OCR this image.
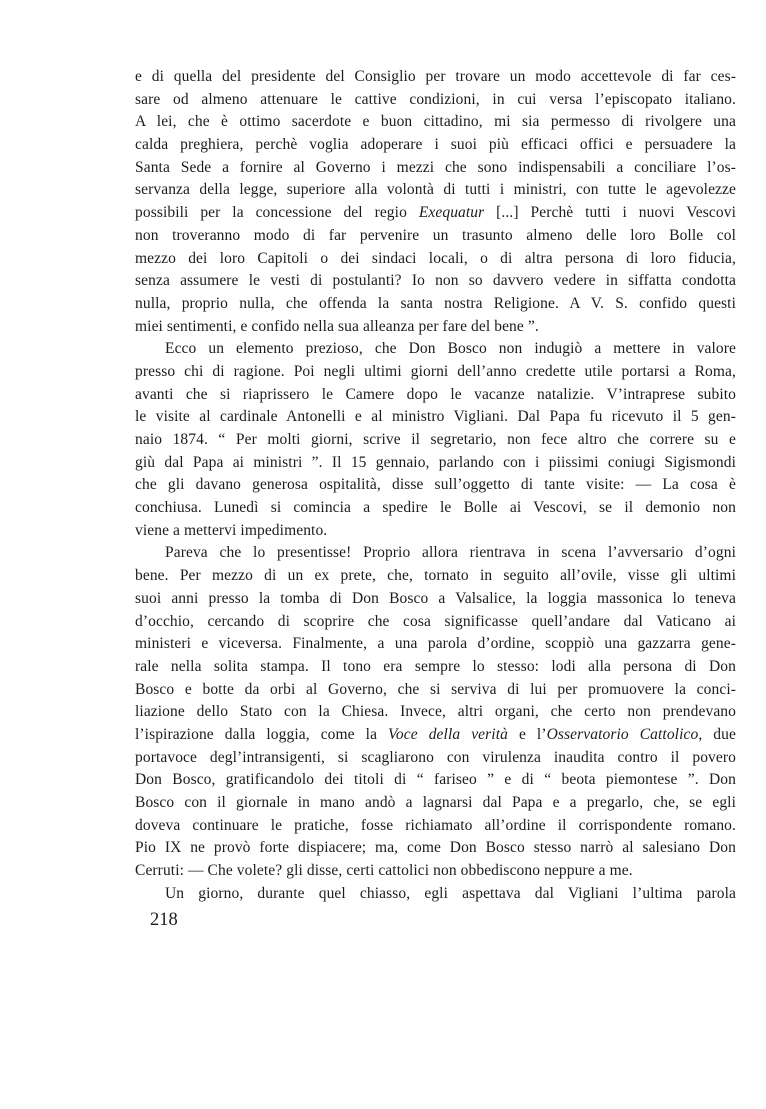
e di quella del presidente del Consiglio per trovare un modo accettevole di far ces-
sare od almeno attenuare le cattive condizioni, in cui versa l’episcopato italiano.
A lei, che è ottimo sacerdote e buon cittadino, mi sia permesso di rivolgere una
calda preghiera, perchè voglia adoperare i suoi più efficaci offici e persuadere la
Santa Sede a fornire al Governo i mezzi che sono indispensabili a conciliare l’os-
servanza della legge, superiore alla volontà di tutti i ministri, con tutte le agevolezze
possibili per la concessione del regio Exequatur [...] Perchè tutti i nuovi Vescovi
non troveranno modo di far pervenire un trasunto almeno delle loro Bolle col
mezzo dei loro Capitoli o dei sindaci locali, o di altra persona di loro fiducia,
senza assumere le vesti di postulanti? Io non so davvero vedere in siffatta condotta
nulla, proprio nulla, che offenda la santa nostra Religione. A V. S. confido questi
miei sentimenti, e confido nella sua alleanza per fare del bene ”.
Ecco un elemento prezioso, che Don Bosco non indugiò a mettere in valore
presso chi di ragione. Poi negli ultimi giorni dell’anno credette utile portarsi a Roma,
avanti che si riaprissero le Camere dopo le vacanze natalizie. V’intraprese subito
le visite al cardinale Antonelli e al ministro Vigliani. Dal Papa fu ricevuto il 5 gen-
naio 1874. “ Per molti giorni, scrive il segretario, non fece altro che correre su e
giù dal Papa ai ministri ”. Il 15 gennaio, parlando con i piissimi coniugi Sigismondi
che gli davano generosa ospitalità, disse sull’oggetto di tante visite: — La cosa è
conchiusa. Lunedì si comincia a spedire le Bolle ai Vescovi, se il demonio non
viene a mettervi impedimento.
Pareva che lo presentisse! Proprio allora rientrava in scena l’avversario d’ogni
bene. Per mezzo di un ex prete, che, tornato in seguito all’ovile, visse gli ultimi
suoi anni presso la tomba di Don Bosco a Valsalice, la loggia massonica lo teneva
d’occhio, cercando di scoprire che cosa significasse quell’andare dal Vaticano ai
ministeri e viceversa. Finalmente, a una parola d’ordine, scoppiò una gazzarra gene-
rale nella solita stampa. Il tono era sempre lo stesso: lodi alla persona di Don
Bosco e botte da orbi al Governo, che si serviva di lui per promuovere la conci-
liazione dello Stato con la Chiesa. Invece, altri organi, che certo non prendevano
l’ispirazione dalla loggia, come la Voce della verità e l’Osservatorio Cattolico, due
portavoce degl’intransigenti, si scagliarono con virulenza inaudita contro il povero
Don Bosco, gratificandolo dei titoli di “ fariseo ” e di “ beota piemontese ”. Don
Bosco con il giornale in mano andò a lagnarsi dal Papa e a pregarlo, che, se egli
doveva continuare le pratiche, fosse richiamato all’ordine il corrispondente romano.
Pio IX ne provò forte dispiacere; ma, come Don Bosco stesso narrò al salesiano Don
Cerruti: — Che volete? gli disse, certi cattolici non obbediscono neppure a me.
Un giorno, durante quel chiasso, egli aspettava dal Vigliani l’ultima parola
218
